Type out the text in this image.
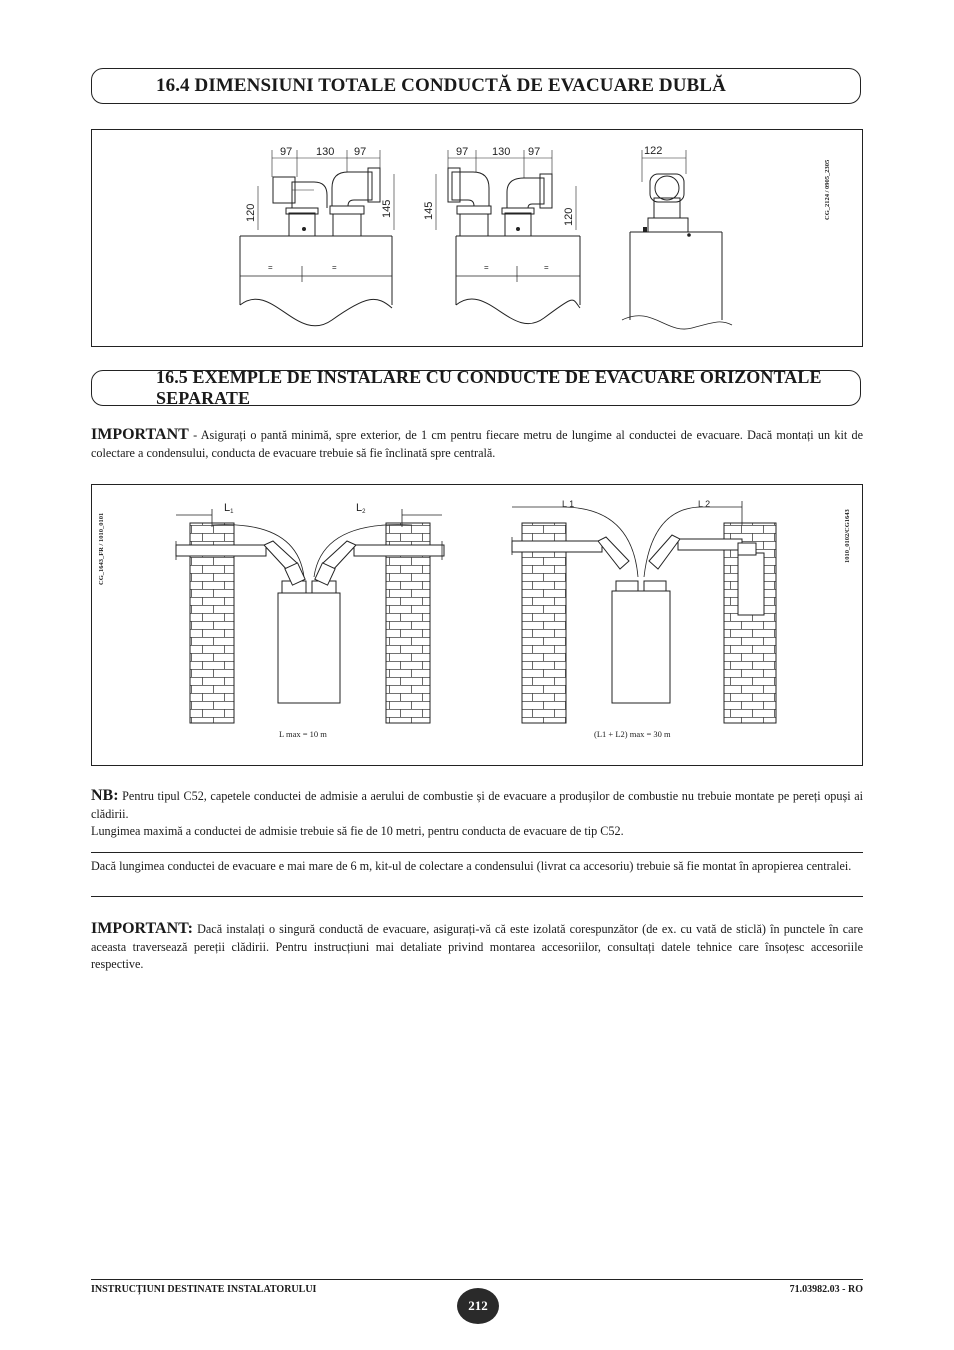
16.4 DIMENSIUNI TOTALE CONDUCTĂ DE EVACUARE DUBLĂ
97 130 97
120	145
=	=
97 130 97
145	120
=	=
122
CG_2124 / 0905_2305
16.5 EXEMPLE DE INSTALARE CU CONDUCTE DE EVACUARE ORIZONTALE SEPARATE
IMPORTANT - Asigurați o pantă minimă, spre exterior, de 1 cm pentru fiecare metru de lungime al conductei de evacuare. Dacă montați un kit de colectare a condensului, conducta de evacuare trebuie să fie înclinată spre centrală.
L1	L2
L 1	L 2
L max = 10 m	(L1 + L2) max = 30 m
CG_1643_FR / 1010_0101	1010_0102/CG1643
NB: Pentru tipul C52, capetele conductei de admisie a aerului de combustie și de evacuare a produșilor de combustie nu trebuie montate pe pereți opuși ai clădirii.
Lungimea maximă a conductei de admisie trebuie să fie de 10 metri, pentru conducta de evacuare de tip C52.
Dacă lungimea conductei de evacuare e mai mare de 6 m, kit-ul de colectare a condensului (livrat ca accesoriu) trebuie să fie montat în apropierea centralei.
IMPORTANT: Dacă instalați o singură conductă de evacuare, asigurați-vă că este izolată corespunzător (de ex. cu vată de sticlă) în punctele în care aceasta traversează pereții clădirii. Pentru instrucțiuni mai detaliate privind montarea accesoriilor, consultați datele tehnice care însoțesc accesoriile respective.
INSTRUCȚIUNI DESTINATE INSTALATORULUI
212
71.03982.03 - RO
